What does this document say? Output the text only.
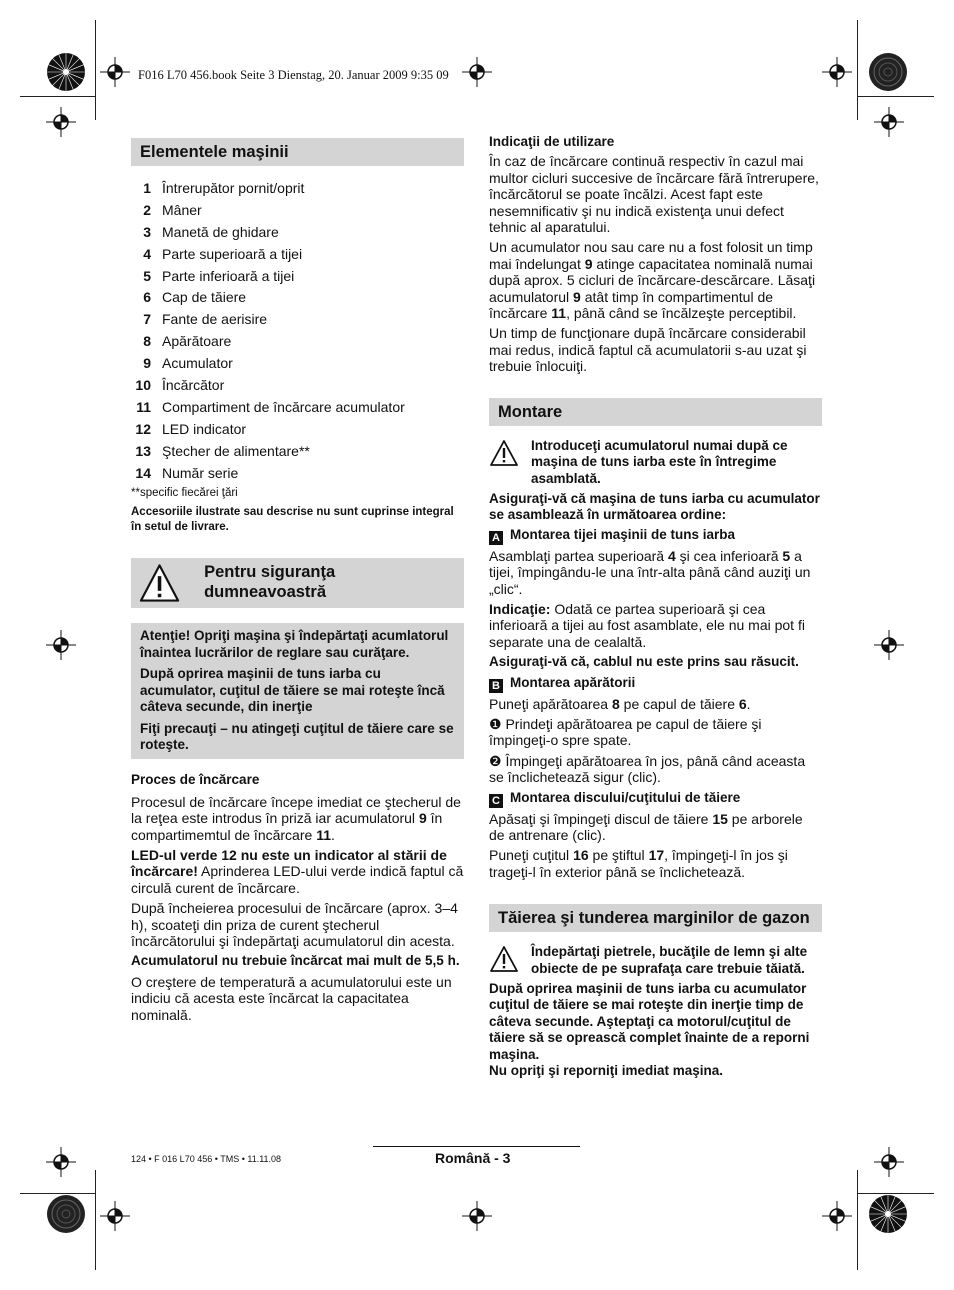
F016 L70 456.book Seite 3 Dienstag, 20. Januar 2009 9:35 09
Elementele maşinii
1 Întrerupător pornit/oprit
2 Mâner
3 Manetă de ghidare
4 Parte superioară a tijei
5 Parte inferioară a tijei
6 Cap de tăiere
7 Fante de aerisire
8 Apărătoare
9 Acumulator
10 Încărcător
11 Compartiment de încărcare acumulator
12 LED indicator
13 Ştecher de alimentare**
14 Număr serie
**specific fiecărei ţări
Accesoriile ilustrate sau descrise nu sunt cuprinse integral în setul de livrare.
Pentru siguranţa dumneavoastră
Atenţie! Opriţi maşina şi îndepărtaţi acumlatorul înaintea lucrărilor de reglare sau curăţare.
După oprirea maşinii de tuns iarba cu acumulator, cuţitul de tăiere se mai roteşte încă câteva secunde, din inerţie
Fiţi precauţi – nu atingeţi cuţitul de tăiere care se roteşte.
Proces de încărcare
Procesul de încărcare începe imediat ce ştecherul de la reţea este introdus în priză iar acumulatorul 9 în compartimemtul de încărcare 11.
LED-ul verde 12 nu este un indicator al stării de încărcare! Aprinderea LED-ului verde indică faptul că circulă curent de încărcare.
După încheierea procesului de încărcare (aprox. 3–4 h), scoateţi din priza de curent ştecherul încărcătorului şi îndepărtaţi acumulatorul din acesta.
Acumulatorul nu trebuie încărcat mai mult de 5,5 h.
O creştere de temperatură a acumulatorului este un indiciu că acesta este încărcat la capacitatea nominală.
Indicaţii de utilizare
În caz de încărcare continuă respectiv în cazul mai multor cicluri succesive de încărcare fără întrerupere, încărcătorul se poate încălzi. Acest fapt este nesemnificativ şi nu indică existenţa unui defect tehnic al aparatului.
Un acumulator nou sau care nu a fost folosit un timp mai îndelungat 9 atinge capacitatea nominală numai după aprox. 5 cicluri de încărcare-descărcare. Lăsaţi acumulatorul 9 atât timp în compartimentul de încărcare 11, până când se încălzeşte perceptibil.
Un timp de funcţionare după încărcare considerabil mai redus, indică faptul că acumulatorii s-au uzat şi trebuie înlocuiţi.
Montare
Introduceţi acumulatorul numai după ce maşina de tuns iarba este în întregime asamblată.
Asiguraţi-vă că maşina de tuns iarba cu acumulator se asamblează în următoarea ordine:
A Montarea tijei maşinii de tuns iarba
Asamblaţi partea superioară 4 şi cea inferioară 5 a tijei, împingându-le una într-alta până când auziţi un „clic“.
Indicaţie: Odată ce partea superioară şi cea inferioară a tijei au fost asamblate, ele nu mai pot fi separate una de cealaltă.
Asiguraţi-vă că, cablul nu este prins sau răsucit.
B Montarea apărătorii
Puneţi apărătoarea 8 pe capul de tăiere 6.
❶ Prindeţi apărătoarea pe capul de tăiere şi împingeţi-o spre spate.
❷ Împingeţi apărătoarea în jos, până când aceasta se înclichetează sigur (clic).
C Montarea discului/cuţitului de tăiere
Apăsaţi şi împingeţi discul de tăiere 15 pe arborele de antrenare (clic).
Puneţi cuţitul 16 pe ştiftul 17, împingeţi-l în jos şi trageţi-l în exterior până se înclichetează.
Tăierea şi tunderea marginilor de gazon
Îndepărtaţi pietrele, bucăţile de lemn şi alte obiecte de pe suprafaţa care trebuie tăiată.
După oprirea maşinii de tuns iarba cu acumulator cuţitul de tăiere se mai roteşte din inerţie timp de câteva secunde. Aşteptaţi ca motorul/cuţitul de tăiere să se oprească complet înainte de a reporni maşina.
Nu opriţi şi reporniţi imediat maşina.
124 • F 016 L70 456 • TMS • 11.11.08	Română - 3
